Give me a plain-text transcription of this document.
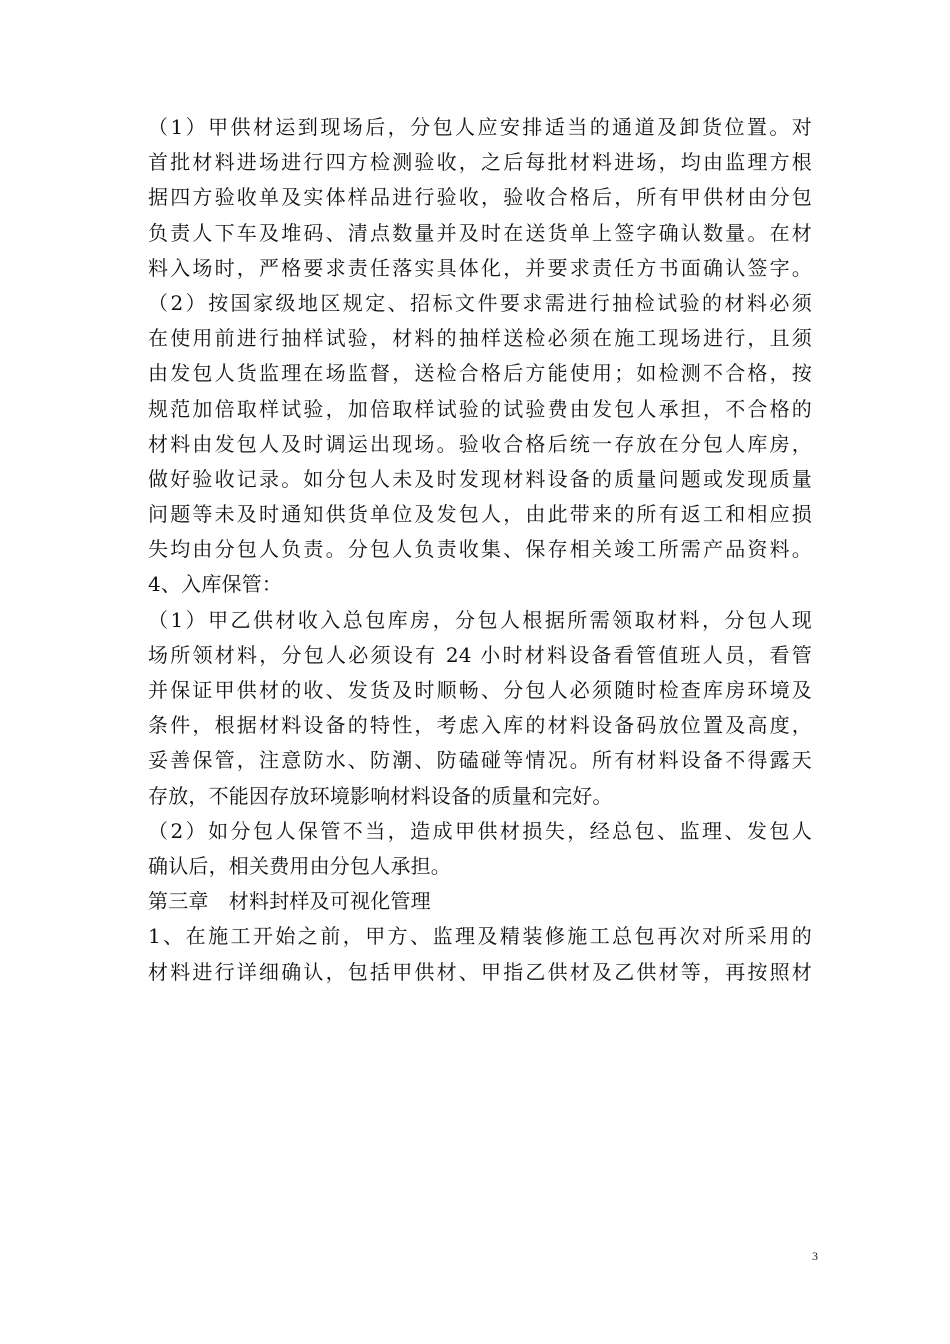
（1）甲供材运到现场后，分包人应安排适当的通道及卸货位置。对
首批材料进场进行四方检测验收，之后每批材料进场，均由监理方根
据四方验收单及实体样品进行验收，验收合格后，所有甲供材由分包
负责人下车及堆码、清点数量并及时在送货单上签字确认数量。在材
料入场时，严格要求责任落实具体化，并要求责任方书面确认签字。
（2）按国家级地区规定、招标文件要求需进行抽检试验的材料必须
在使用前进行抽样试验，材料的抽样送检必须在施工现场进行，且须
由发包人货监理在场监督，送检合格后方能使用；如检测不合格，按
规范加倍取样试验，加倍取样试验的试验费由发包人承担，不合格的
材料由发包人及时调运出现场。验收合格后统一存放在分包人库房，
做好验收记录。如分包人未及时发现材料设备的质量问题或发现质量
问题等未及时通知供货单位及发包人，由此带来的所有返工和相应损
失均由分包人负责。分包人负责收集、保存相关竣工所需产品资料。
4、入库保管：
（1）甲乙供材收入总包库房，分包人根据所需领取材料，分包人现
场所领材料，分包人必须设有 24 小时材料设备看管值班人员，看管
并保证甲供材的收、发货及时顺畅、分包人必须随时检查库房环境及
条件，根据材料设备的特性，考虑入库的材料设备码放位置及高度，
妥善保管，注意防水、防潮、防磕碰等情况。所有材料设备不得露天
存放，不能因存放环境影响材料设备的质量和完好。
（2）如分包人保管不当，造成甲供材损失，经总包、监理、发包人
确认后，相关费用由分包人承担。
第三章　材料封样及可视化管理
1、在施工开始之前，甲方、监理及精装修施工总包再次对所采用的
材料进行详细确认，包括甲供材、甲指乙供材及乙供材等，再按照材
3
